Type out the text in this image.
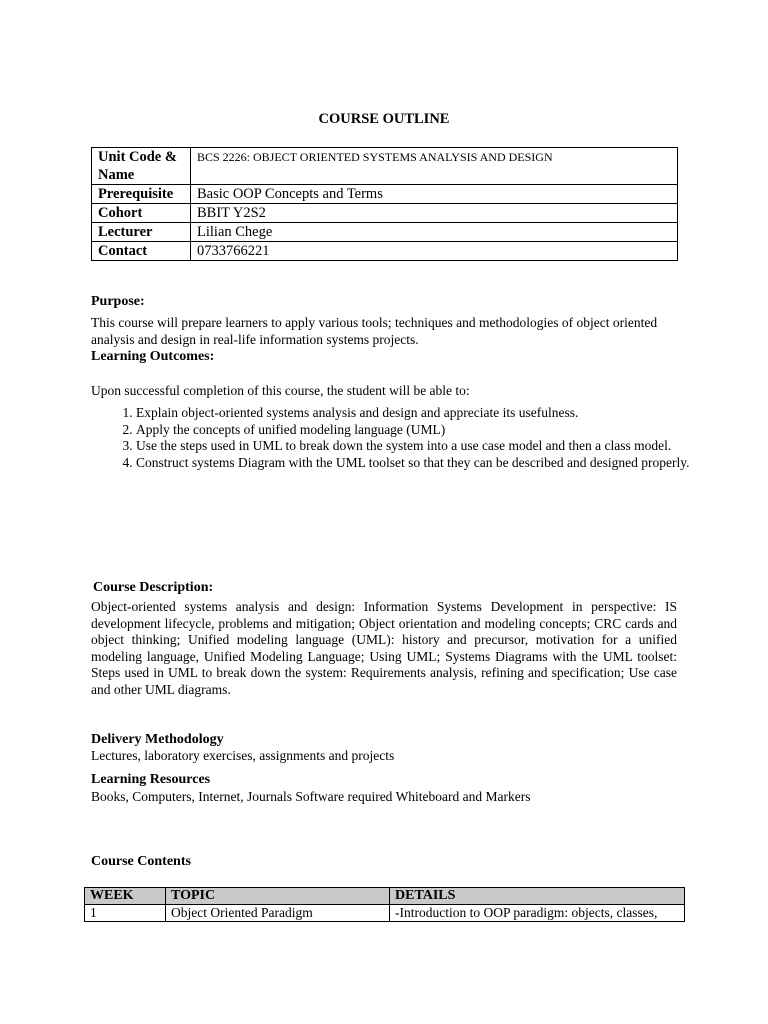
COURSE OUTLINE
Unit Code & Name	BCS 2226: OBJECT ORIENTED SYSTEMS ANALYSIS AND DESIGN
Prerequisite	Basic OOP Concepts and Terms
Cohort	BBIT Y2S2
Lecturer	Lilian Chege
Contact	0733766221
Purpose:
This course will prepare learners to apply various tools; techniques and methodologies of object oriented analysis and design in real-life information systems projects.
Learning Outcomes:
Upon successful completion of this course, the student will be able to:
1. Explain object-oriented systems analysis and design and appreciate its usefulness.
2. Apply the concepts of unified modeling language (UML)
3. Use the steps used in UML to break down the system into a use case model and then a class model.
4. Construct systems Diagram with the UML toolset so that they can be described and designed properly.
Course Description:
Object-oriented systems analysis and design: Information Systems Development in perspective: IS development lifecycle, problems and mitigation; Object orientation and modeling concepts; CRC cards and object thinking; Unified modeling language (UML): history and precursor, motivation for a unified modeling language, Unified Modeling Language; Using UML; Systems Diagrams with the UML toolset: Steps used in UML to break down the system: Requirements analysis, refining and specification; Use case and other UML diagrams.
Delivery Methodology
Lectures, laboratory exercises, assignments and projects
Learning Resources
Books, Computers, Internet, Journals Software required Whiteboard and Markers
Course Contents
WEEK	TOPIC	DETAILS
1	Object Oriented Paradigm	-Introduction to OOP paradigm: objects, classes,
